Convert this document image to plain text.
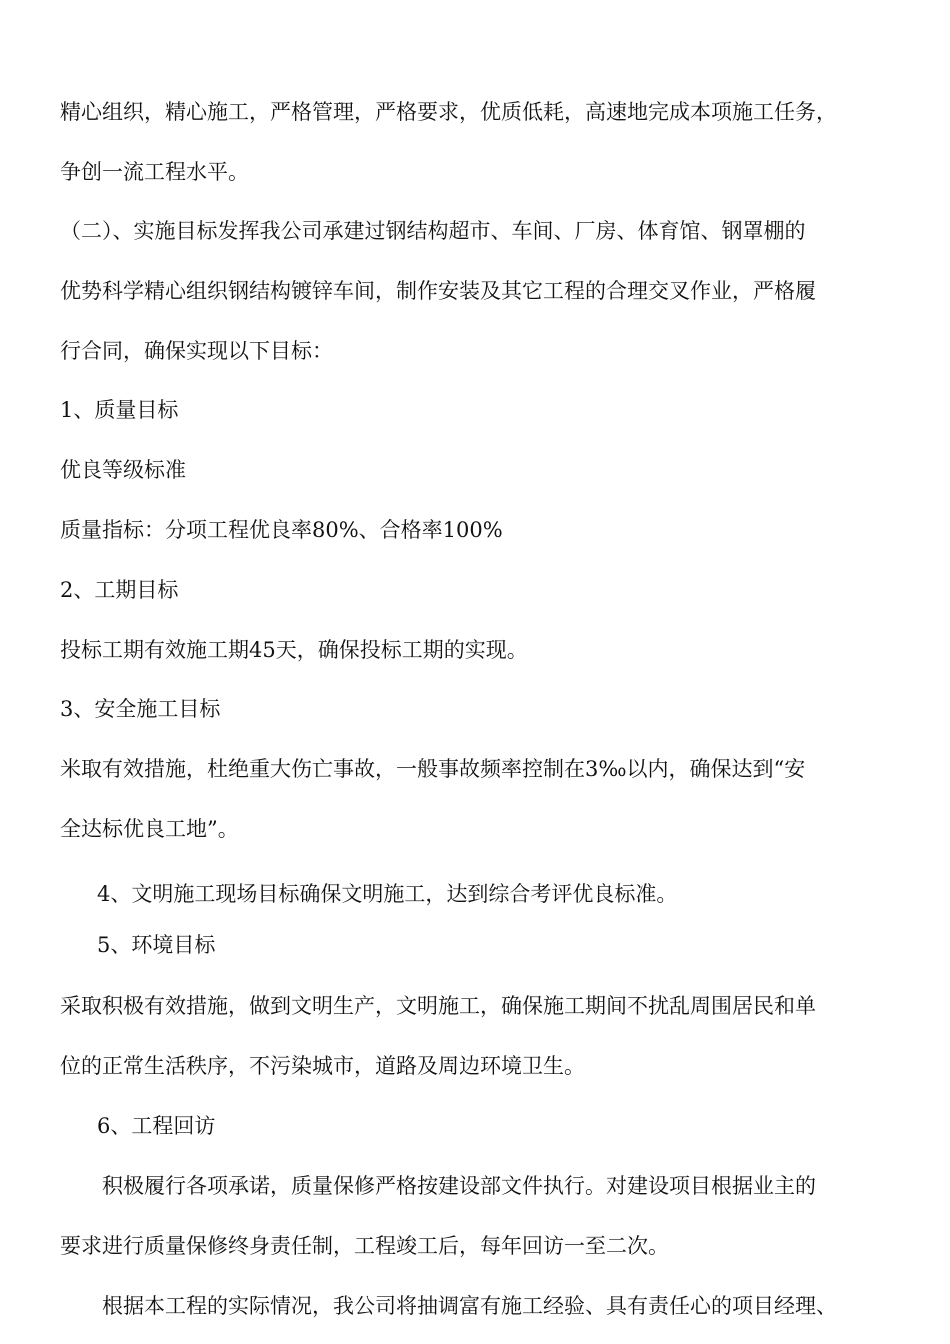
精心组织，精心施工，严格管理，严格要求，优质低耗，高速地完成本项施工任务，
争创一流工程水平。
（二）、实施目标发挥我公司承建过钢结构超市、车间、厂房、体育馆、钢罩棚的
优势科学精心组织钢结构镀锌车间，制作安装及其它工程的合理交叉作业，严格履
行合同，确保实现以下目标：
1、质量目标
优良等级标准
质量指标：分项工程优良率80%、合格率100%
2、工期目标
投标工期有效施工期45天，确保投标工期的实现。
3、安全施工目标
米取有效措施，杜绝重大伤亡事故，一般事故频率控制在3‰以内，确保达到“安
全达标优良工地”。
4、文明施工现场目标确保文明施工，达到综合考评优良标准。
5、环境目标
采取积极有效措施，做到文明生产，文明施工，确保施工期间不扰乱周围居民和单
位的正常生活秩序，不污染城市，道路及周边环境卫生。
6、工程回访
积极履行各项承诺，质量保修严格按建设部文件执行。对建设项目根据业主的
要求进行质量保修终身责任制，工程竣工后，每年回访一至二次。
根据本工程的实际情况，我公司将抽调富有施工经验、具有责任心的项目经理、
